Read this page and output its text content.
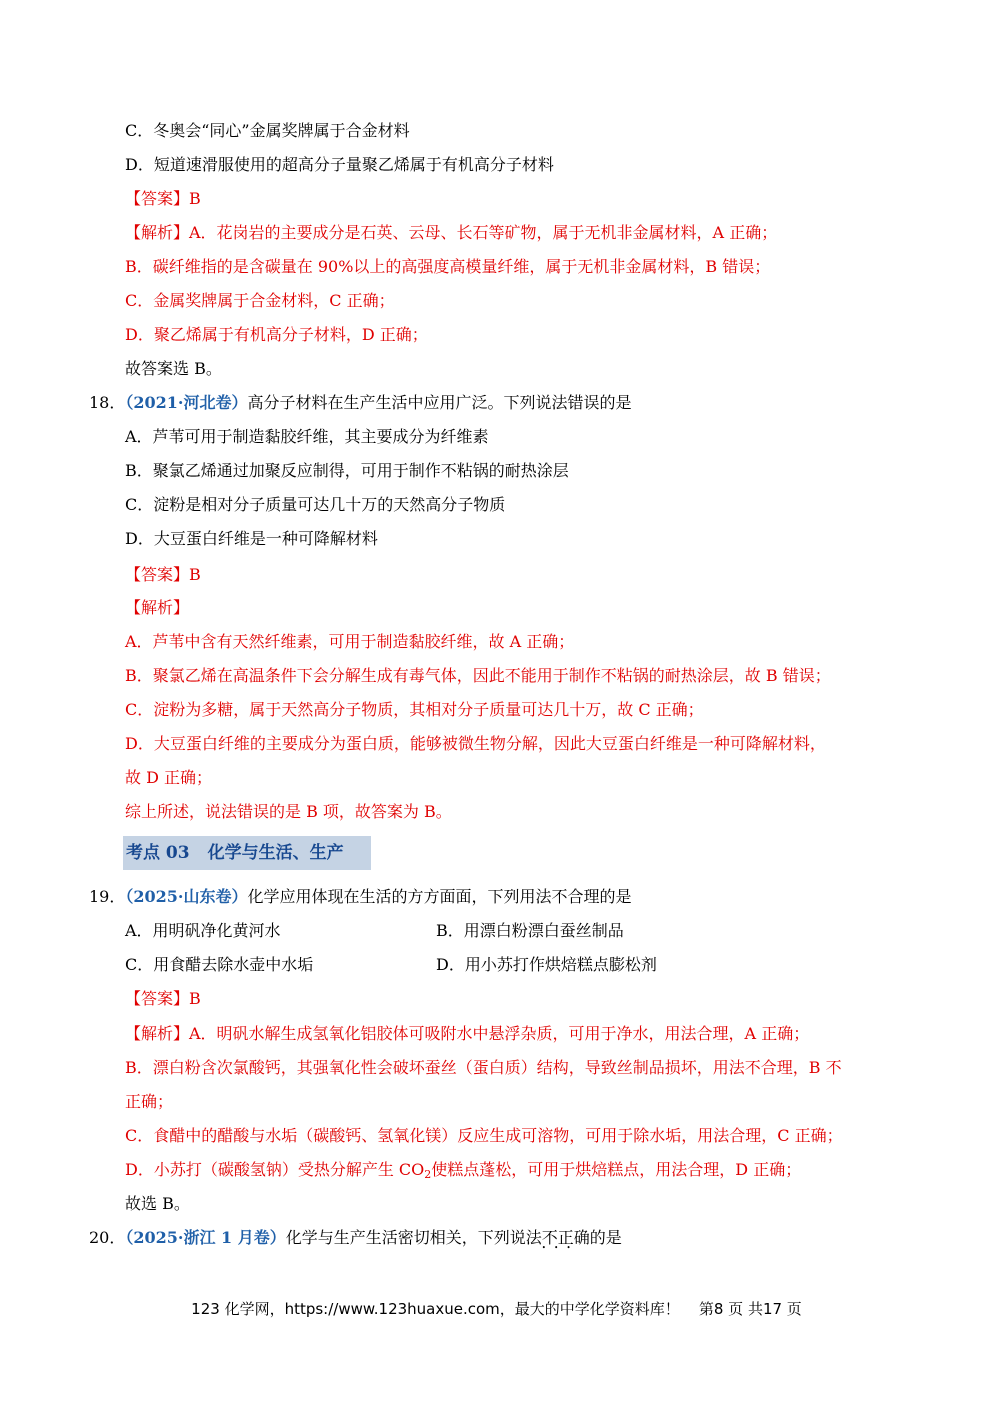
C．冬奥会“同心”金属奖牌属于合金材料
D．短道速滑服使用的超高分子量聚乙烯属于有机高分子材料
【答案】B
【解析】A．花岗岩的主要成分是石英、云母、长石等矿物，属于无机非金属材料，A 正确；
B．碳纤维指的是含碳量在 90%以上的高强度高模量纤维，属于无机非金属材料，B 错误；
C．金属奖牌属于合金材料，C 正确；
D．聚乙烯属于有机高分子材料，D 正确；
故答案选 B。
18．（2021·河北卷）高分子材料在生产生活中应用广泛。下列说法错误的是
A．芦苇可用于制造黏胶纤维，其主要成分为纤维素
B．聚氯乙烯通过加聚反应制得，可用于制作不粘锅的耐热涂层
C．淀粉是相对分子质量可达几十万的天然高分子物质
D．大豆蛋白纤维是一种可降解材料
【答案】B
【解析】
A．芦苇中含有天然纤维素，可用于制造黏胶纤维，故 A 正确；
B．聚氯乙烯在高温条件下会分解生成有毒气体，因此不能用于制作不粘锅的耐热涂层，故 B 错误；
C．淀粉为多糖，属于天然高分子物质，其相对分子质量可达几十万，故 C 正确；
D．大豆蛋白纤维的主要成分为蛋白质，能够被微生物分解，因此大豆蛋白纤维是一种可降解材料，
故 D 正确；
综上所述，说法错误的是 B 项，故答案为 B。
考点 03 化学与生活、生产
19．（2025·山东卷）化学应用体现在生活的方方面面，下列用法不合理的是
A．用明矾净化黄河水	B．用漂白粉漂白蚕丝制品
C．用食醋去除水壶中水垢	D．用小苏打作烘焙糕点膨松剂
【答案】B
【解析】A．明矾水解生成氢氧化铝胶体可吸附水中悬浮杂质，可用于净水，用法合理，A 正确；
B．漂白粉含次氯酸钙，其强氧化性会破坏蚕丝（蛋白质）结构，导致丝制品损坏，用法不合理，B 不
正确；
C．食醋中的醋酸与水垢（碳酸钙、氢氧化镁）反应生成可溶物，可用于除水垢，用法合理，C 正确；
D．小苏打（碳酸氢钠）受热分解产生 $CO_2$使糕点蓬松，可用于烘焙糕点，用法合理，D 正确；
故选 B。
20．（2025·浙江 1 月卷）化学与生产生活密切相关，下列说法不正确 • • •的是
123 化学网，https://www.123huaxue.com，最大的中学化学资料库！ 第8 页 共17 页
